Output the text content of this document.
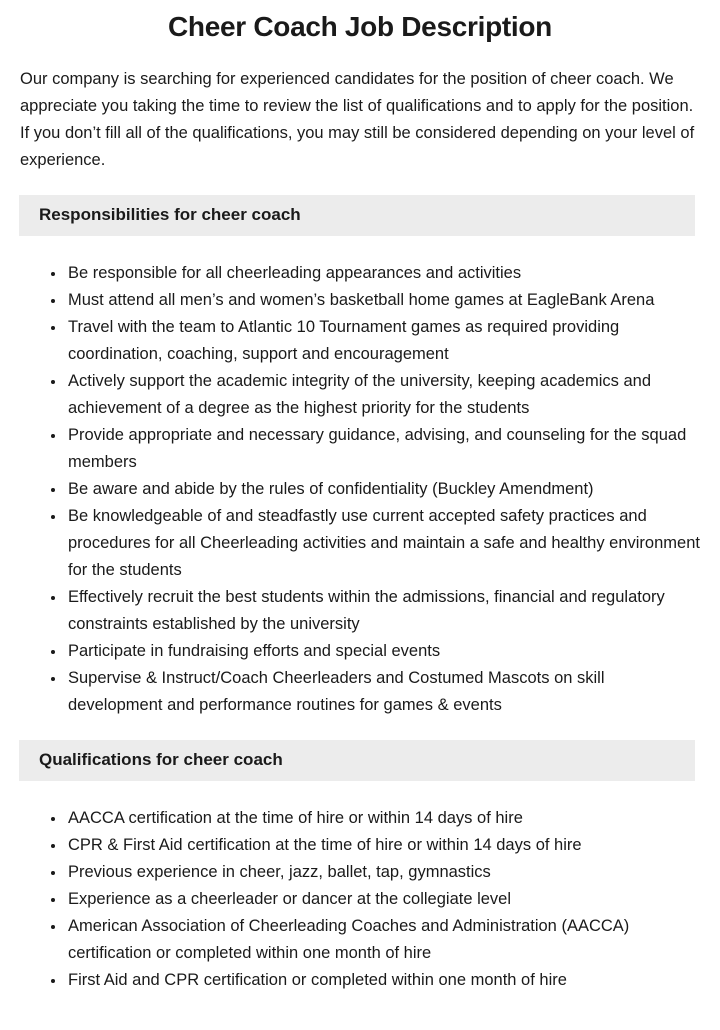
Cheer Coach Job Description

Our company is searching for experienced candidates for the position of cheer coach. We appreciate you taking the time to review the list of qualifications and to apply for the position. If you don’t fill all of the qualifications, you may still be considered depending on your level of experience.

Responsibilities for cheer coach
• Be responsible for all cheerleading appearances and activities
• Must attend all men’s and women’s basketball home games at EagleBank Arena
• Travel with the team to Atlantic 10 Tournament games as required providing coordination, coaching, support and encouragement
• Actively support the academic integrity of the university, keeping academics and achievement of a degree as the highest priority for the students
• Provide appropriate and necessary guidance, advising, and counseling for the squad members
• Be aware and abide by the rules of confidentiality (Buckley Amendment)
• Be knowledgeable of and steadfastly use current accepted safety practices and procedures for all Cheerleading activities and maintain a safe and healthy environment for the students
• Effectively recruit the best students within the admissions, financial and regulatory constraints established by the university
• Participate in fundraising efforts and special events
• Supervise & Instruct/Coach Cheerleaders and Costumed Mascots on skill development and performance routines for games & events
Qualifications for cheer coach
• AACCA certification at the time of hire or within 14 days of hire
• CPR & First Aid certification at the time of hire or within 14 days of hire
• Previous experience in cheer, jazz, ballet, tap, gymnastics
• Experience as a cheerleader or dancer at the collegiate level
• American Association of Cheerleading Coaches and Administration (AACCA) certification or completed within one month of hire
• First Aid and CPR certification or completed within one month of hire
